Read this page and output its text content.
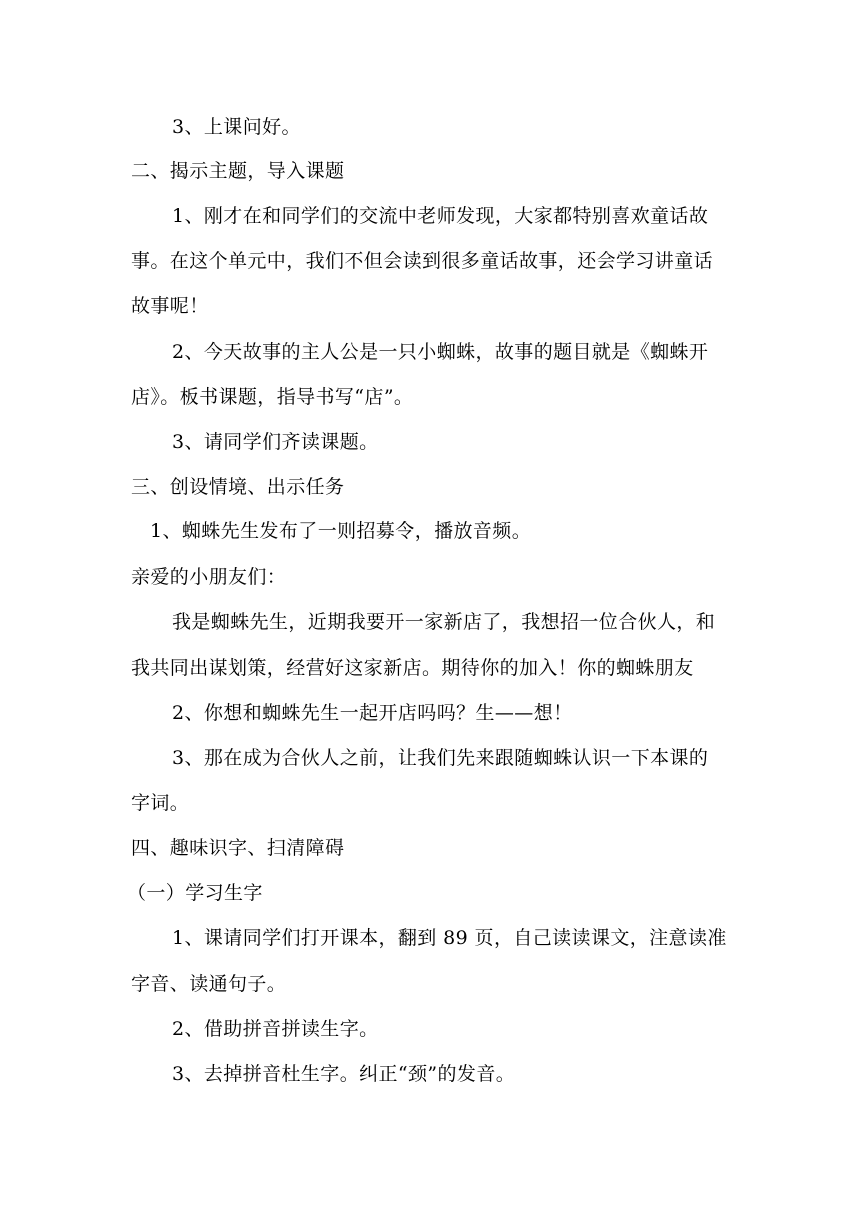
3、上课问好。
二、揭示主题，导入课题
1、刚才在和同学们的交流中老师发现，大家都特别喜欢童话故
事。在这个单元中，我们不但会读到很多童话故事，还会学习讲童话
故事呢！
2、今天故事的主人公是一只小蜘蛛，故事的题目就是《蜘蛛开
店》。板书课题，指导书写“店”。
3、请同学们齐读课题。
三、创设情境、出示任务
1、蜘蛛先生发布了一则招募令，播放音频。
亲爱的小朋友们：
我是蜘蛛先生，近期我要开一家新店了，我想招一位合伙人，和
我共同出谋划策，经营好这家新店。期待你的加入！你的蜘蛛朋友
2、你想和蜘蛛先生一起开店吗吗？生——想！
3、那在成为合伙人之前，让我们先来跟随蜘蛛认识一下本课的
字词。
四、趣味识字、扫清障碍
（一）学习生字
1、课请同学们打开课本，翻到 89 页，自己读读课文，注意读准
字音、读通句子。
2、借助拼音拼读生字。
3、去掉拼音杜生字。纠正“颈”的发音。
